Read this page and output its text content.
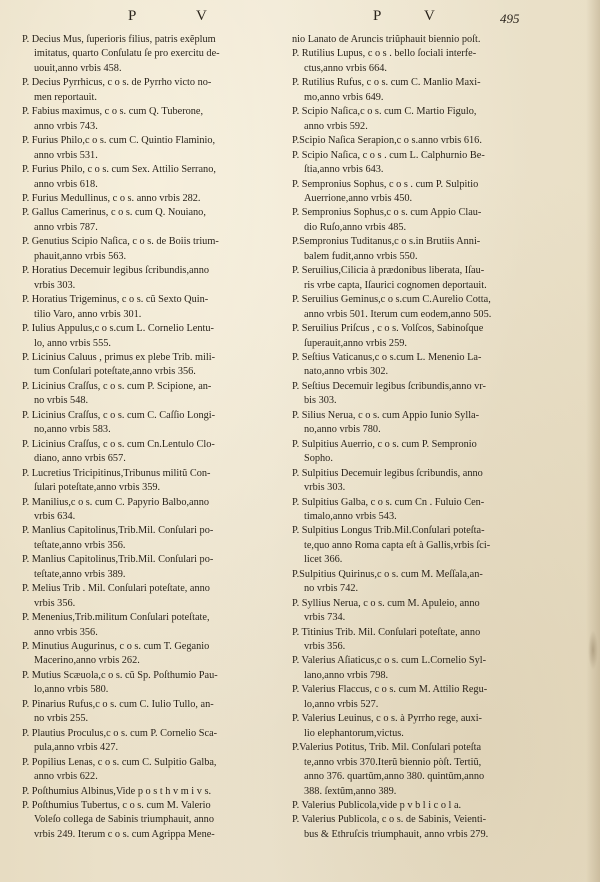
P	V	P V	495
P. Decius Mus, ſuperioris filius, patris exẽplum
imitatus, quarto Conſulatu ſe pro exercitu de-
uouit,anno vrbis 458.
P. Decius Pyrrhicus, c o s. de Pyrrho victo no-
men reportauit.
P. Fabius maximus, c o s. cum Q. Tuberone,
anno vrbis 743.
P. Furius Philo,c o s. cum C. Quintio Flaminio,
anno vrbis 531.
P. Furius Philo, c o s. cum Sex. Attilio Serrano,
anno vrbis 618.
P. Furius Medullinus, c o s. anno vrbis 282.
P. Gallus Camerinus, c o s. cum Q. Nouiano,
anno vrbis 787.
P. Genutius Scipio Naſica, c o s. de Boiis trium-
phauit,anno vrbis 563.
P. Horatius Decemuir legibus ſcribundis,anno
vrbis 303.
P. Horatius Trigeminus, c o s. cũ Sexto Quin-
tilio Varo, anno vrbis 301.
P. Iulius Appulus,c o s.cum L. Cornelio Lentu-
lo, anno vrbis 555.
P. Licinius Caluus , primus ex plebe Trib. mili-
tum Conſulari poteſtate,anno vrbis 356.
P. Licinius Craſſus, c o s. cum P. Scipione, an-
no vrbis 548.
P. Licinius Craſſus, c o s. cum C. Caſſio Longi-
no,anno vrbis 583.
P. Licinius Craſſus, c o s. cum Cn.Lentulo Clo-
diano, anno vrbis 657.
P. Lucretius Tricipitinus,Tribunus militũ Con-
ſulari poteſtate,anno vrbis 359.
P. Manilius,c o s. cum C. Papyrio Balbo,anno
vrbis 634.
P. Manlius Capitolinus,Trib.Mil. Conſulari po-
teſtate,anno vrbis 356.
P. Manlius Capitolinus,Trib.Mil. Conſulari po-
teſtate,anno vrbis 389.
P. Melius Trib . Mil. Conſulari poteſtate, anno
vrbis 356.
P. Menenius,Trib.militum Conſulari poteſtate,
anno vrbis 356.
P. Minutius Augurinus, c o s. cum T. Geganio
Macerino,anno vrbis 262.
P. Mutius Scæuola,c o s. cũ Sp. Poſthumio Pau-
lo,anno vrbis 580.
P. Pinarius Rufus,c o s. cum C. Iulio Tullo, an-
no vrbis 255.
P. Plautius Proculus,c o s. cum P. Cornelio Sca-
pula,anno vrbis 427.
P. Popilius Lenas, c o s. cum C. Sulpitio Galba,
anno vrbis 622.
P. Poſthumius Albinus,Vide p o s t h v m i v s.
P. Poſthumius Tubertus, c o s. cum M. Valerio
Voleſo collega de Sabinis triumphauit, anno
vrbis 249. Iterum c o s. cum Agrippa Mene-
nio Lanato de Aruncis triũphauit biennio poſt.
P. Rutilius Lupus, c o s . bello ſociali interfe-
ctus,anno vrbis 664.
P. Rutilius Rufus, c o s. cum C. Manlio Maxi-
mo,anno vrbis 649.
P. Scipio Naſica,c o s. cum C. Martio Figulo,
anno vrbis 592.
P.Scipio Naſica Serapion,c o s.anno vrbis 616.
P. Scipio Naſica, c o s . cum L. Calphurnio Be-
ſtia,anno vrbis 643.
P. Sempronius Sophus, c o s . cum P. Sulpitio
Auerrione,anno vrbis 450.
P. Sempronius Sophus,c o s. cum Appio Clau-
dio Ruſo,anno vrbis 485.
P.Sempronius Tuditanus,c o s.in Brutiis Anni-
balem fudit,anno vrbis 550.
P. Seruilius,Cilicia à prædonibus liberata, Iſau-
ris vrbe capta, Iſaurici cognomen deportauit.
P. Seruilius Geminus,c o s.cum C.Aurelio Cotta,
anno vrbis 501. Iterum cum eodem,anno 505.
P. Seruilius Priſcus , c o s. Volſcos, Sabinoſque
ſuperauit,anno vrbis 259.
P. Seſtius Vaticanus,c o s.cum L. Menenio La-
nato,anno vrbis 302.
P. Seſtius Decemuir legibus ſcribundis,anno vr-
bis 303.
P. Silius Nerua, c o s. cum Appio Iunio Sylla-
no,anno vrbis 780.
P. Sulpitius Auerrio, c o s. cum P. Sempronio
Sopho.
P. Sulpitius Decemuir legibus ſcribundis, anno
vrbis 303.
P. Sulpitius Galba, c o s. cum Cn . Fuluio Cen-
timalo,anno vrbis 543.
P. Sulpitius Longus Trib.Mil.Conſulari poteſta-
te,quo anno Roma capta eſt à Gallis,vrbis ſci-
licet 366.
P.Sulpitius Quirinus,c o s. cum M. Meſſala,an-
no vrbis 742.
P. Syllius Nerua, c o s. cum M. Apuleio, anno
vrbis 734.
P. Titinius Trib. Mil. Conſulari poteſtate, anno
vrbis 356.
P. Valerius Aſiaticus,c o s. cum L.Cornelio Syl-
lano,anno vrbis 798.
P. Valerius Flaccus, c o s. cum M. Attilio Regu-
lo,anno vrbis 527.
P. Valerius Leuinus, c o s. à Pyrrho rege, auxi-
lio elephantorum,victus.
P.Valerius Potitus, Trib. Mil. Conſulari poteſta
te,anno vrbis 370.Iterũ biennio pòſt. Tertiũ,
anno 376. quartũm,anno 380. quintũm,anno
388. ſextũm,anno 389.
P. Valerius Publicola,vide p v b l i c o l a.
P. Valerius Publicola, c o s. de Sabinis, Veienti-
bus & Ethruſcis triumphauit, anno vrbis 279.
